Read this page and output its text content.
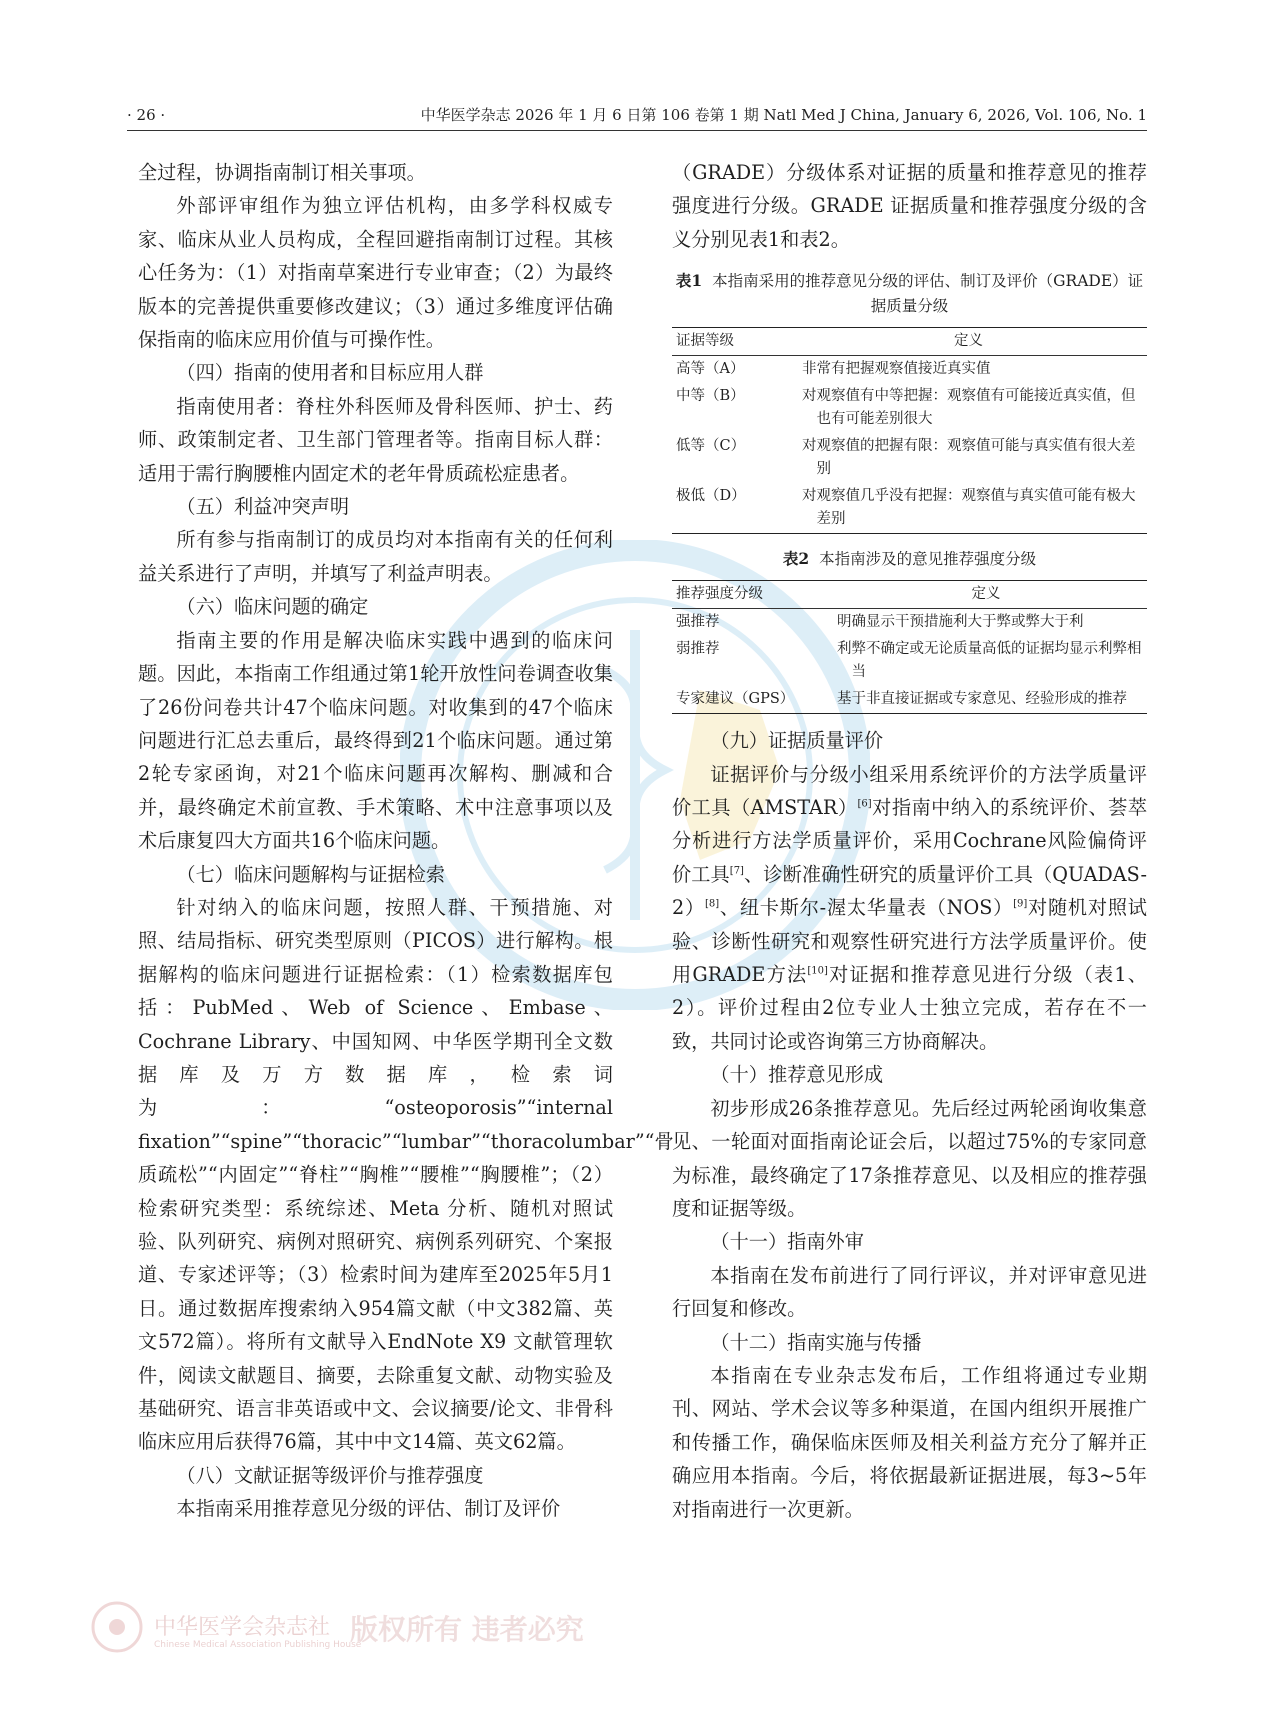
· 26 ·	中华医学杂志 2026 年 1 月 6 日第 106 卷第 1 期 Natl Med J China, January 6, 2026, Vol. 106, No. 1

全过程，协调指南制订相关事项。

外部评审组作为独立评估机构，由多学科权威专家、临床从业人员构成，全程回避指南制订过程。其核心任务为：（1）对指南草案进行专业审查；（2）为最终版本的完善提供重要修改建议；（3）通过多维度评估确保指南的临床应用价值与可操作性。

（四）指南的使用者和目标应用人群

指南使用者：脊柱外科医师及骨科医师、护士、药师、政策制定者、卫生部门管理者等。指南目标人群：适用于需行胸腰椎内固定术的老年骨质疏松症患者。

（五）利益冲突声明

所有参与指南制订的成员均对本指南有关的任何利益关系进行了声明，并填写了利益声明表。

（六）临床问题的确定

指南主要的作用是解决临床实践中遇到的临床问题。因此，本指南工作组通过第1轮开放性问卷调查收集了26份问卷共计47个临床问题。对收集到的47个临床问题进行汇总去重后，最终得到21个临床问题。通过第2轮专家函询，对21个临床问题再次解构、删减和合并，最终确定术前宣教、手术策略、术中注意事项以及术后康复四大方面共16个临床问题。

（七）临床问题解构与证据检索

针对纳入的临床问题，按照人群、干预措施、对照、结局指标、研究类型原则（PICOS）进行解构。根据解构的临床问题进行证据检索：（1）检索数据库包括：PubMed、Web of Science、Embase、Cochrane Library、中国知网、中华医学期刊全文数据库及万方数据库，检索词为：“osteoporosis”“internal fixation”“spine”“thoracic”“lumbar”“thoracolumbar”“骨质疏松”“内固定”“脊柱”“胸椎”“腰椎”“胸腰椎”；（2）检索研究类型：系统综述、Meta 分析、随机对照试验、队列研究、病例对照研究、病例系列研究、个案报道、专家述评等；（3）检索时间为建库至2025年5月1日。通过数据库搜索纳入954篇文献（中文382篇、英文572篇）。将所有文献导入EndNote X9 文献管理软件，阅读文献题目、摘要，去除重复文献、动物实验及基础研究、语言非英语或中文、会议摘要/论文、非骨科临床应用后获得76篇，其中中文14篇、英文62篇。

（八）文献证据等级评价与推荐强度

本指南采用推荐意见分级的评估、制订及评价

（GRADE）分级体系对证据的质量和推荐意见的推荐强度进行分级。GRADE 证据质量和推荐强度分级的含义分别见表1和表2。

表1 本指南采用的推荐意见分级的评估、制订及评价（GRADE）证据质量分级
证据等级	定义
高等（A）	非常有把握观察值接近真实值

中等（B）	对观察值有中等把握：观察值有可能接近真实值，但也有可能差别很大

低等（C）	对观察值的把握有限：观察值可能与真实值有很大差别

极低（D）	对观察值几乎没有把握：观察值与真实值可能有极大差别
表2 本指南涉及的意见推荐强度分级
推荐强度分级	定义
强推荐	明确显示干预措施利大于弊或弊大于利

弱推荐	利弊不确定或无论质量高低的证据均显示利弊相当

专家建议（GPS）	基于非直接证据或专家意见、经验形成的推荐

（九）证据质量评价

证据评价与分级小组采用系统评价的方法学质量评价工具（AMSTAR）[6]对指南中纳入的系统评价、荟萃分析进行方法学质量评价，采用Cochrane风险偏倚评价工具[7]、诊断准确性研究的质量评价工具（QUADAS-2）[8]、纽卡斯尔-渥太华量表（NOS）[9]对随机对照试验、诊断性研究和观察性研究进行方法学质量评价。使用GRADE方法[10]对证据和推荐意见进行分级（表1、2）。评价过程由2位专业人士独立完成，若存在不一致，共同讨论或咨询第三方协商解决。

（十）推荐意见形成

初步形成26条推荐意见。先后经过两轮函询收集意见、一轮面对面指南论证会后，以超过75%的专家同意为标准，最终确定了17条推荐意见、以及相应的推荐强度和证据等级。

（十一）指南外审

本指南在发布前进行了同行评议，并对评审意见进行回复和修改。

（十二）指南实施与传播

本指南在专业杂志发布后，工作组将通过专业期刊、网站、学术会议等多种渠道，在国内组织开展推广和传播工作，确保临床医师及相关利益方充分了解并正确应用本指南。今后，将依据最新证据进展，每3~5年对指南进行一次更新。

中华医学会杂志社
Chinese Medical Association Publishing House
版权所有 违者必究
